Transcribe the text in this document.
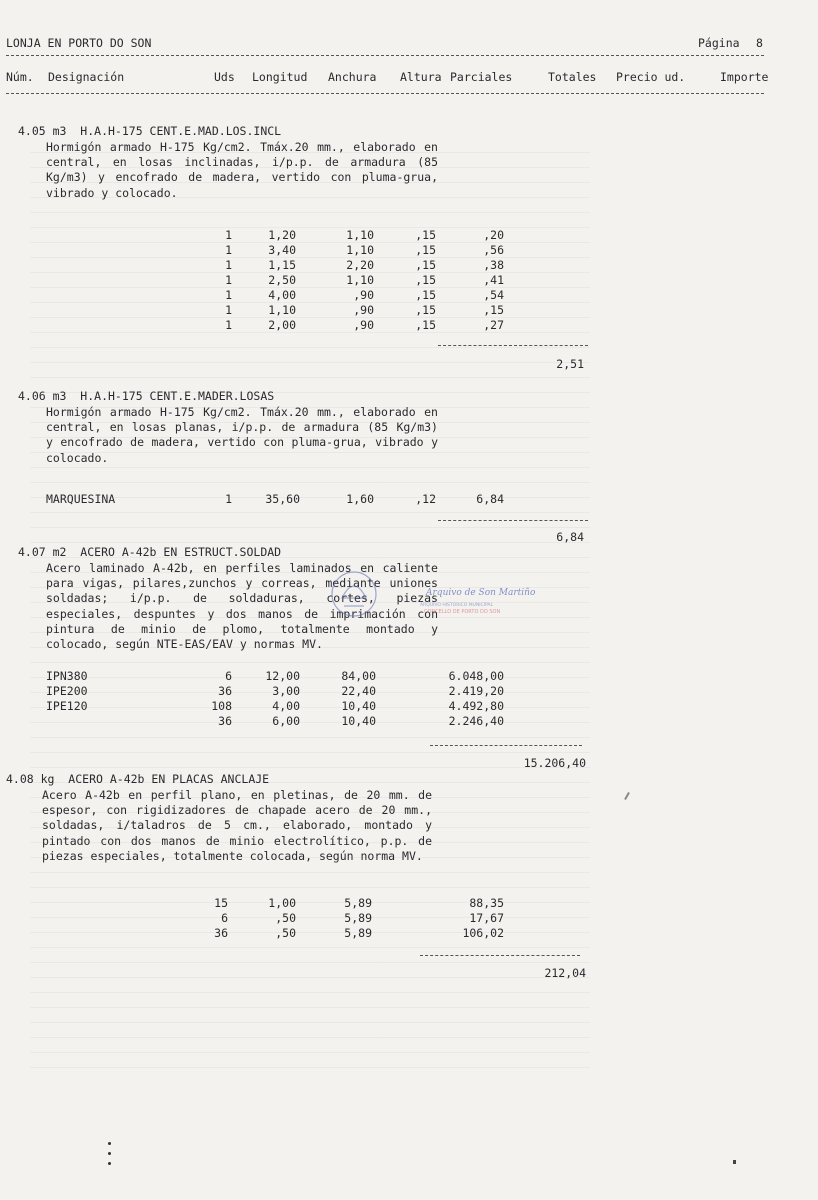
LONJA EN PORTO DO SON	Página 8
Núm. Designación	Uds Longitud Anchura Altura Parciales	Totales Precio ud.	Importe
4.05 m3  H.A.H-175 CENT.E.MAD.LOS.INCL
Hormigón armado H-175 Kg/cm2. Tmáx.20 mm., elaborado en central, en losas inclinadas, i/p.p. de armadura (85 Kg/m3) y encofrado de madera, vertido con pluma-grua, vibrado y colocado.
1	1,20	1,10	,15	,20
1	3,40	1,10	,15	,56
1	1,15	2,20	,15	,38
1	2,50	1,10	,15	,41
1	4,00	,90	,15	,54
1	1,10	,90	,15	,15
1	2,00	,90	,15	,27
2,51
4.06 m3  H.A.H-175 CENT.E.MADER.LOSAS
Hormigón armado H-175 Kg/cm2. Tmáx.20 mm., elaborado en central, en losas planas, i/p.p. de armadura (85 Kg/m3) y encofrado de madera, vertido con pluma-grua, vibrado y colocado.
MARQUESINA	1	35,60	1,60	,12	6,84
6,84
4.07 m2  ACERO A-42b EN ESTRUCT.SOLDAD
Acero laminado A-42b, en perfiles laminados en caliente para vigas, pilares,zunchos y correas, mediante uniones soldadas; i/p.p. de soldaduras, cortes, piezas especiales, despuntes y dos manos de imprimación con pintura de minio de plomo, totalmente montado y colocado, según NTE-EAS/EAV y normas MV.
IPN380	6	12,00	84,00	6.048,00
IPE200	36	3,00	22,40	2.419,20
IPE120	108	4,00	10,40	4.492,80
36	6,00	10,40	2.246,40
15.206,40
4.08 kg  ACERO A-42b EN PLACAS ANCLAJE
Acero A-42b en perfil plano, en pletinas, de 20 mm. de espesor, con rigidizadores de chapade acero de 20 mm., soldadas, i/taladros de 5 cm., elaborado, montado y pintado con dos manos de minio electrolítico, p.p. de piezas especiales, totalmente colocada, según norma MV.
15	1,00	5,89	88,35
6	,50	5,89	17,67
36	,50	5,89	106,02
212,04
Arquivo de Son Martiño
ARQUIVO HISTÓRICO MUNICIPAL
CONCELLO DE PORTO DO SON
